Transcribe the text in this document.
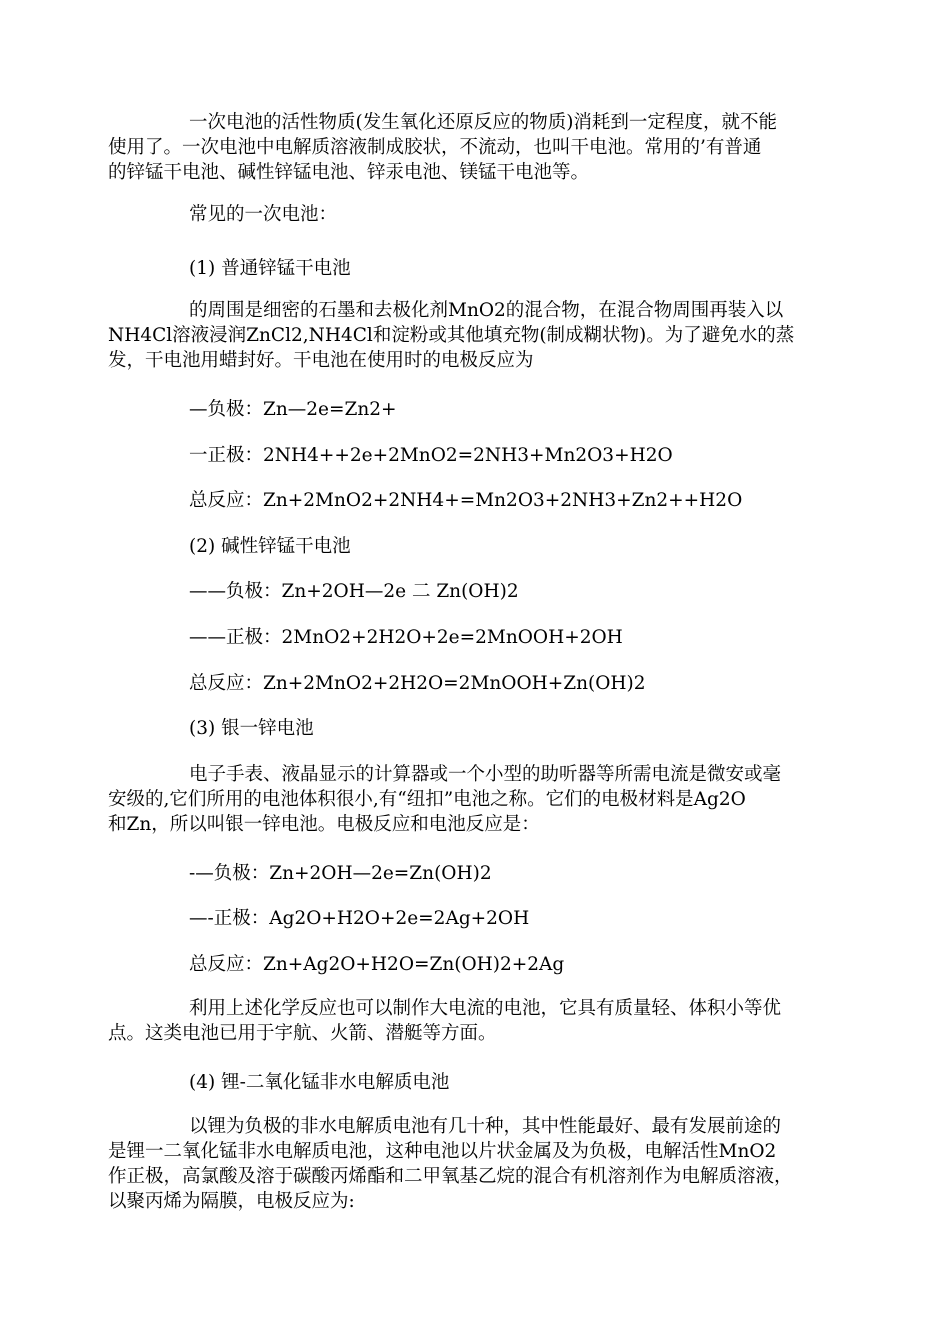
一次电池的活性物质(发生氧化还原反应的物质)消耗到一定程度，就不能
使用了。一次电池中电解质溶液制成胶状，不流动，也叫干电池。常用的’有普通
的锌锰干电池、碱性锌锰电池、锌汞电池、镁锰干电池等。

常见的一次电池：

(1) 普通锌锰干电池

的周围是细密的石墨和去极化剂MnO2的混合物，在混合物周围再装入以
NH4Cl溶液浸润ZnCl2,NH4Cl和淀粉或其他填充物(制成糊状物)。为了避免水的蒸
发，干电池用蜡封好。干电池在使用时的电极反应为

—负极：Zn—2e=Zn2+

一正极：2NH4++2e+2MnO2=2NH3+Mn2O3+H2O

总反应：Zn+2MnO2+2NH4+=Mn2O3+2NH3+Zn2++H2O

(2) 碱性锌锰干电池

——负极：Zn+2OH—2e 二 Zn(OH)2

——正极：2MnO2+2H2O+2e=2MnOOH+2OH

总反应：Zn+2MnO2+2H2O=2MnOOH+Zn(OH)2

(3) 银一锌电池

电子手表、液晶显示的计算器或一个小型的助听器等所需电流是微安或毫
安级的,它们所用的电池体积很小,有“纽扣”电池之称。它们的电极材料是Ag2O
和Zn，所以叫银一锌电池。电极反应和电池反应是：

-—负极：Zn+2OH—2e=Zn(OH)2

—-正极：Ag2O+H2O+2e=2Ag+2OH

总反应：Zn+Ag2O+H2O=Zn(OH)2+2Ag

利用上述化学反应也可以制作大电流的电池，它具有质量轻、体积小等优
点。这类电池已用于宇航、火箭、潜艇等方面。

(4) 锂-二氧化锰非水电解质电池

以锂为负极的非水电解质电池有几十种，其中性能最好、最有发展前途的
是锂一二氧化锰非水电解质电池，这种电池以片状金属及为负极，电解活性MnO2
作正极，高氯酸及溶于碳酸丙烯酯和二甲氧基乙烷的混合有机溶剂作为电解质溶液，
以聚丙烯为隔膜，电极反应为:
